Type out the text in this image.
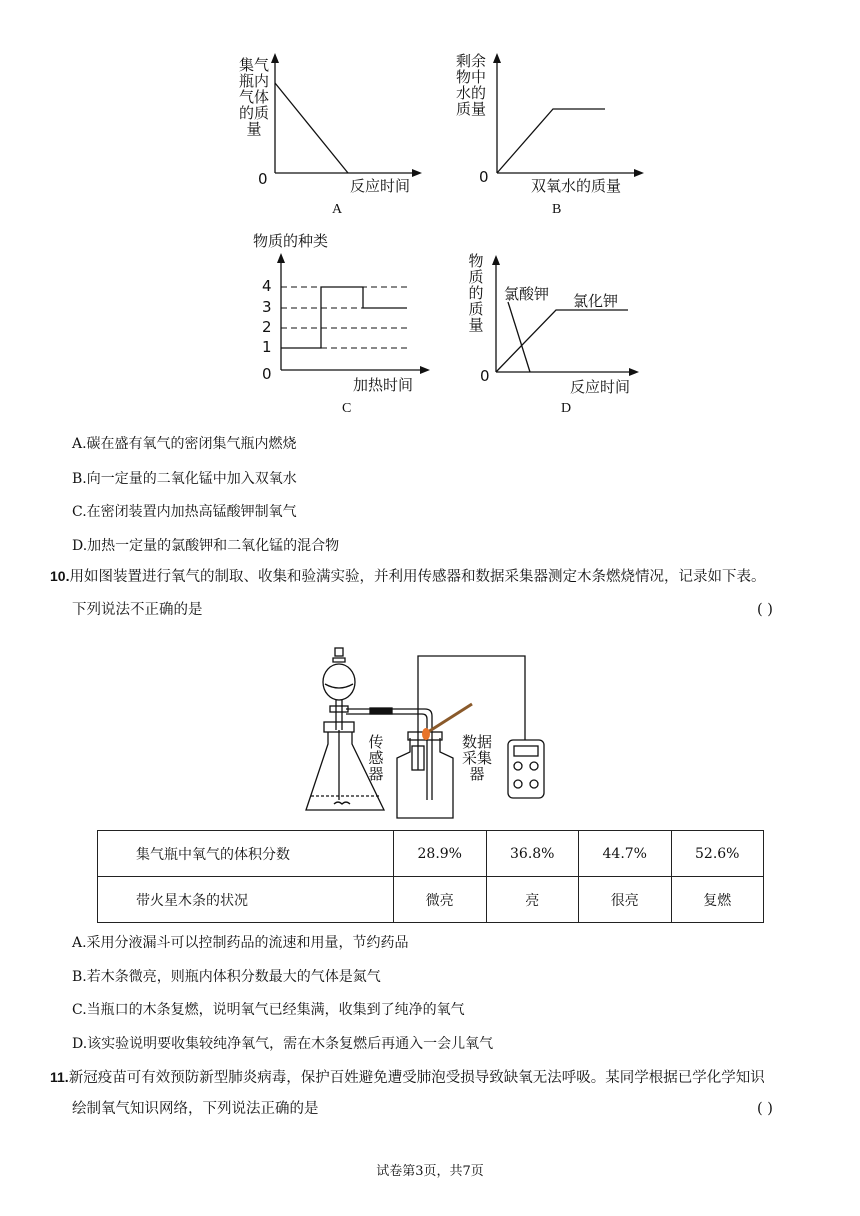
集气瓶内气体的质量
0	反应时间
A
剩余物中水的质量
0	双氧水的质量
B
物质的种类
4
3
2
1
0
加热时间
C
物质的质量
氯酸钾 氯化钾
0
反应时间
D
A.碳在盛有氧气的密闭集气瓶内燃烧
B.向一定量的二氧化锰中加入双氧水
C.在密闭装置内加热高锰酸钾制氧气
D.加热一定量的氯酸钾和二氧化锰的混合物
10.用如图装置进行氧气的制取、收集和验满实验，并利用传感器和数据采集器测定木条燃烧情况，记录如下表。
下列说法不正确的是	( )
传感器
数据采集器
集气瓶中氧气的体积分数	28.9%	36.8%	44.7%	52.6%
带火星木条的状况	微亮	亮	很亮	复燃
A.采用分液漏斗可以控制药品的流速和用量，节约药品
B.若木条微亮，则瓶内体积分数最大的气体是氮气
C.当瓶口的木条复燃，说明氧气已经集满，收集到了纯净的氧气
D.该实验说明要收集较纯净氧气，需在木条复燃后再通入一会儿氧气
11.新冠疫苗可有效预防新型肺炎病毒，保护百姓避免遭受肺泡受损导致缺氧无法呼吸。某同学根据已学化学知识
绘制氧气知识网络，下列说法正确的是	( )
试卷第3页，共7页
